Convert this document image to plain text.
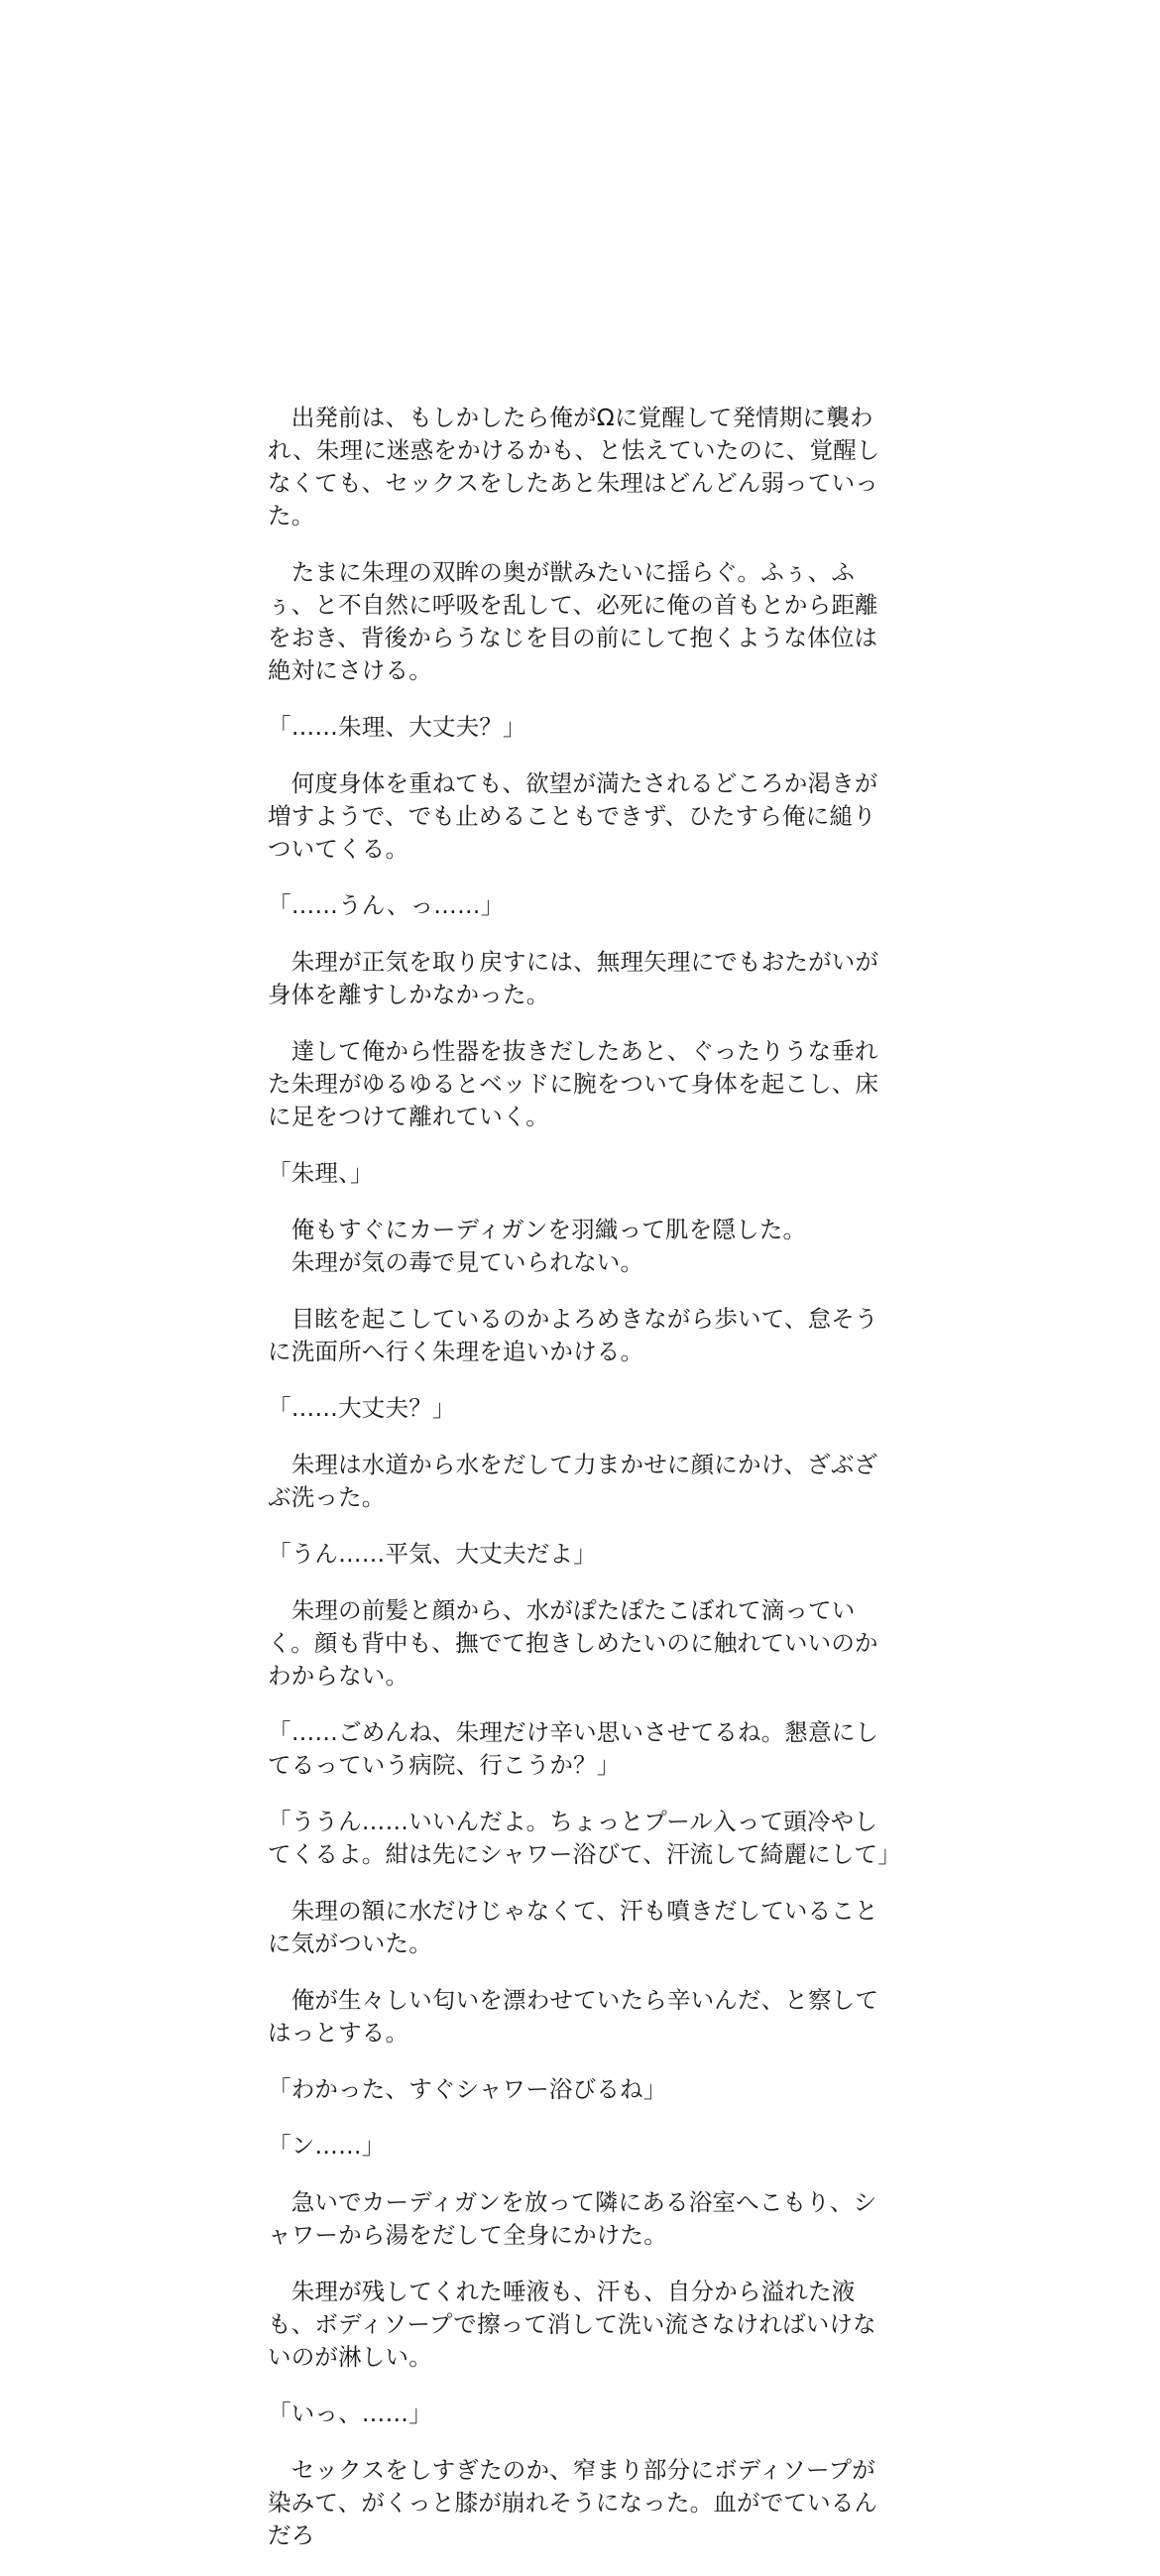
　出発前は、もしかしたら俺がΩに覚醒して発情期に襲われ、朱理に迷惑をかけるかも、と怯えていたのに、覚醒しなくても、セックスをしたあと朱理はどんどん弱っていった。

　たまに朱理の双眸の奥が獣みたいに揺らぐ。ふぅ、ふぅ、と不自然に呼吸を乱して、必死に俺の首もとから距離をおき、背後からうなじを目の前にして抱くような体位は絶対にさける。

「……朱理、大丈夫？」

　何度身体を重ねても、欲望が満たされるどころか渇きが増すようで、でも止めることもできず、ひたすら俺に縋りついてくる。

「……うん、っ……」

　朱理が正気を取り戻すには、無理矢理にでもおたがいが身体を離すしかなかった。

　達して俺から性器を抜きだしたあと、ぐったりうな垂れた朱理がゆるゆるとベッドに腕をついて身体を起こし、床に足をつけて離れていく。

「朱理、」

　俺もすぐにカーディガンを羽織って肌を隠した。
　朱理が気の毒で見ていられない。

　目眩を起こしているのかよろめきながら歩いて、怠そうに洗面所へ行く朱理を追いかける。

「……大丈夫？」

　朱理は水道から水をだして力まかせに顔にかけ、ざぶざぶ洗った。

「うん……平気、大丈夫だよ」

　朱理の前髪と顔から、水がぽたぽたこぼれて滴っていく。顔も背中も、撫でて抱きしめたいのに触れていいのかわからない。

「……ごめんね、朱理だけ辛い思いさせてるね。懇意にしてるっていう病院、行こうか？」

「ううん……いいんだよ。ちょっとプール入って頭冷やしてくるよ。紺は先にシャワー浴びて、汗流して綺麗にして」

　朱理の額に水だけじゃなくて、汗も噴きだしていることに気がついた。

　俺が生々しい匂いを漂わせていたら辛いんだ、と察してはっとする。

「わかった、すぐシャワー浴びるね」

「ン……」

　急いでカーディガンを放って隣にある浴室へこもり、シャワーから湯をだして全身にかけた。

　朱理が残してくれた唾液も、汗も、自分から溢れた液も、ボディソープで擦って消して洗い流さなければいけないのが淋しい。

「いっ、……」

　セックスをしすぎたのか、窄まり部分にボディソープが染みて、がくっと膝が崩れそうになった。血がでているんだろ
